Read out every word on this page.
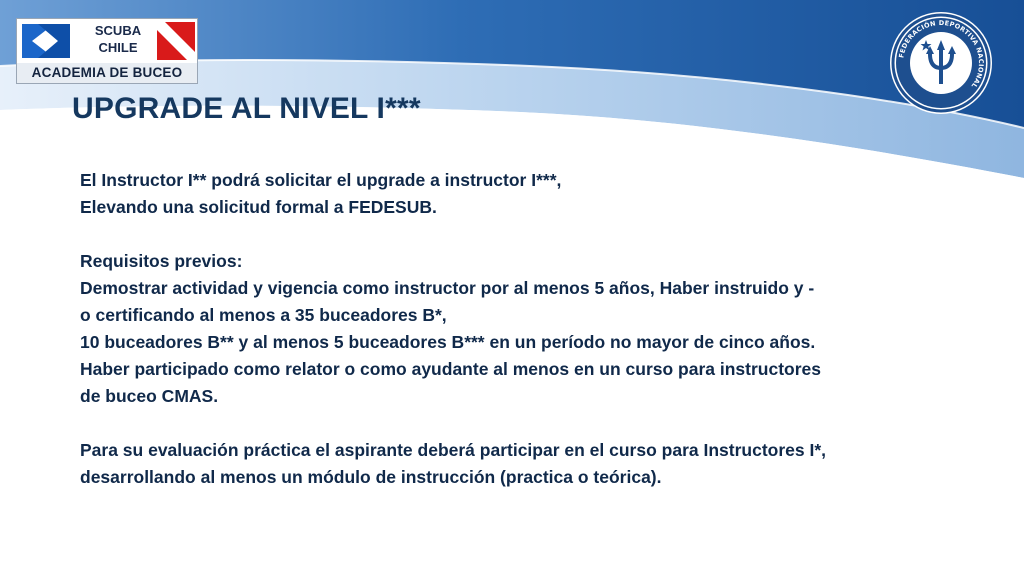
SCUBA
CHILE
ACADEMIA DE BUCEO
FEDERACIÓN DEPORTIVA NACIONAL
UPGRADE AL NIVEL I***
El Instructor I** podrá solicitar el upgrade a instructor I***,
Elevando una solicitud formal a FEDESUB.
Requisitos previos:
Demostrar actividad y vigencia como instructor por al menos 5 años, Haber instruido y -
o certificando al menos a 35 buceadores B*,
10 buceadores B** y al menos 5 buceadores B*** en un período no mayor de cinco años.
Haber participado como relator o como ayudante al menos en un curso para instructores
de buceo CMAS.
Para su evaluación práctica el aspirante deberá participar en el curso para Instructores I*,
desarrollando al menos un módulo de instrucción (practica o teórica).
